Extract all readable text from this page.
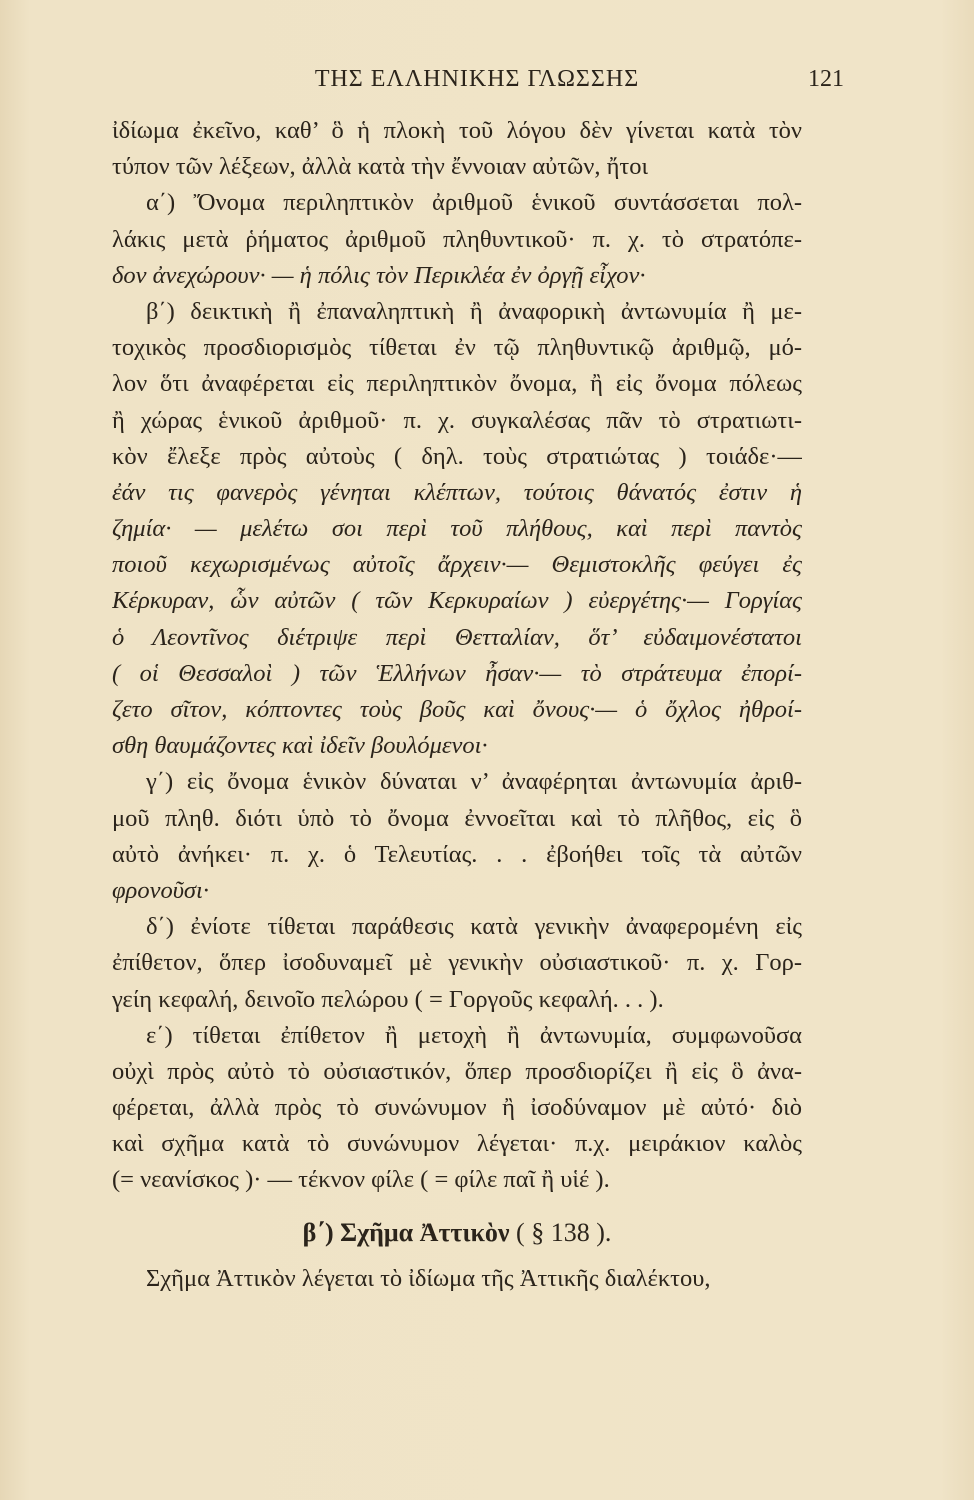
ΤΗΣ ΕΛΛΗΝΙΚΗΣ ΓΛΩΣΣΗΣ	121
ἰδίωμα ἐκεῖνο, καθ’ ὃ ἡ πλοκὴ τοῦ λόγου δὲν γίνεται κατὰ τὸν
τύπον τῶν λέξεων, ἀλλὰ κατὰ τὴν ἔννοιαν αὐτῶν, ἤτοι
α΄) Ὄνομα περιληπτικὸν ἀριθμοῦ ἑνικοῦ συντάσσεται πολ-
λάκις μετὰ ῥήματος ἀριθμοῦ πληθυντικοῦ· π. χ. τὸ στρατόπε-
δον ἀνεχώρουν· — ἡ πόλις τὸν Περικλέα ἐν ὀργῇ εἶχον·
β΄) δεικτικὴ ἢ ἐπαναληπτικὴ ἢ ἀναφορικὴ ἀντωνυμία ἢ με-
τοχικὸς προσδιορισμὸς τίθεται ἐν τῷ πληθυντικῷ ἀριθμῷ, μό-
λον ὅτι ἀναφέρεται εἰς περιληπτικὸν ὄνομα, ἢ εἰς ὄνομα πόλεως
ἢ χώρας ἑνικοῦ ἀριθμοῦ· π. χ. συγκαλέσας πᾶν τὸ στρατιωτι-
κὸν ἔλεξε πρὸς αὐτοὺς ( δηλ. τοὺς στρατιώτας ) τοιάδε·—
ἐάν τις φανερὸς γένηται κλέπτων, τούτοις θάνατός ἐστιν ἡ
ζημία· — μελέτω σοι περὶ τοῦ πλήθους, καὶ περὶ παντὸς
ποιοῦ κεχωρισμένως αὐτοῖς ἄρχειν·— Θεμιστοκλῆς φεύγει ἐς
Κέρκυραν, ὧν αὐτῶν ( τῶν Κερκυραίων ) εὐεργέτης·— Γοργίας
ὁ Λεοντῖνος διέτριψε περὶ Θετταλίαν, ὅτ’ εὐδαιμονέστατοι
( οἱ Θεσσαλοὶ ) τῶν Ἑλλήνων ἦσαν·— τὸ στράτευμα ἐπορί-
ζετο σῖτον, κόπτοντες τοὺς βοῦς καὶ ὄνους·— ὁ ὄχλος ἠθροί-
σθη θαυμάζοντες καὶ ἰδεῖν βουλόμενοι·
γ΄) εἰς ὄνομα ἑνικὸν δύναται ν’ ἀναφέρηται ἀντωνυμία ἀριθ-
μοῦ πληθ. διότι ὑπὸ τὸ ὄνομα ἐννοεῖται καὶ τὸ πλῆθος, εἰς ὃ
αὐτὸ ἀνήκει· π. χ. ὁ Τελευτίας. . . ἐβοήθει τοῖς τὰ αὐτῶν
φρονοῦσι·
δ΄) ἐνίοτε τίθεται παράθεσις κατὰ γενικὴν ἀναφερομένη εἰς
ἐπίθετον, ὅπερ ἰσοδυναμεῖ μὲ γενικὴν οὐσιαστικοῦ· π. χ. Γορ-
γείη κεφαλή, δεινοῖο πελώρου ( = Γοργοῦς κεφαλή. . . ).
ε΄) τίθεται ἐπίθετον ἢ μετοχὴ ἢ ἀντωνυμία, συμφωνοῦσα
οὐχὶ πρὸς αὐτὸ τὸ οὐσιαστικόν, ὅπερ προσδιορίζει ἢ εἰς ὃ ἀνα-
φέρεται, ἀλλὰ πρὸς τὸ συνώνυμον ἢ ἰσοδύναμον μὲ αὐτό· διὸ
καὶ σχῆμα κατὰ τὸ συνώνυμον λέγεται· π.χ. μειράκιον καλὸς
(= νεανίσκος )· — τέκνον φίλε ( = φίλε παῖ ἢ υἱέ ).
β΄) Σχῆμα Ἀττικὸν ( § 138 ).
Σχῆμα Ἀττικὸν λέγεται τὸ ἰδίωμα τῆς Ἀττικῆς διαλέκτου,
